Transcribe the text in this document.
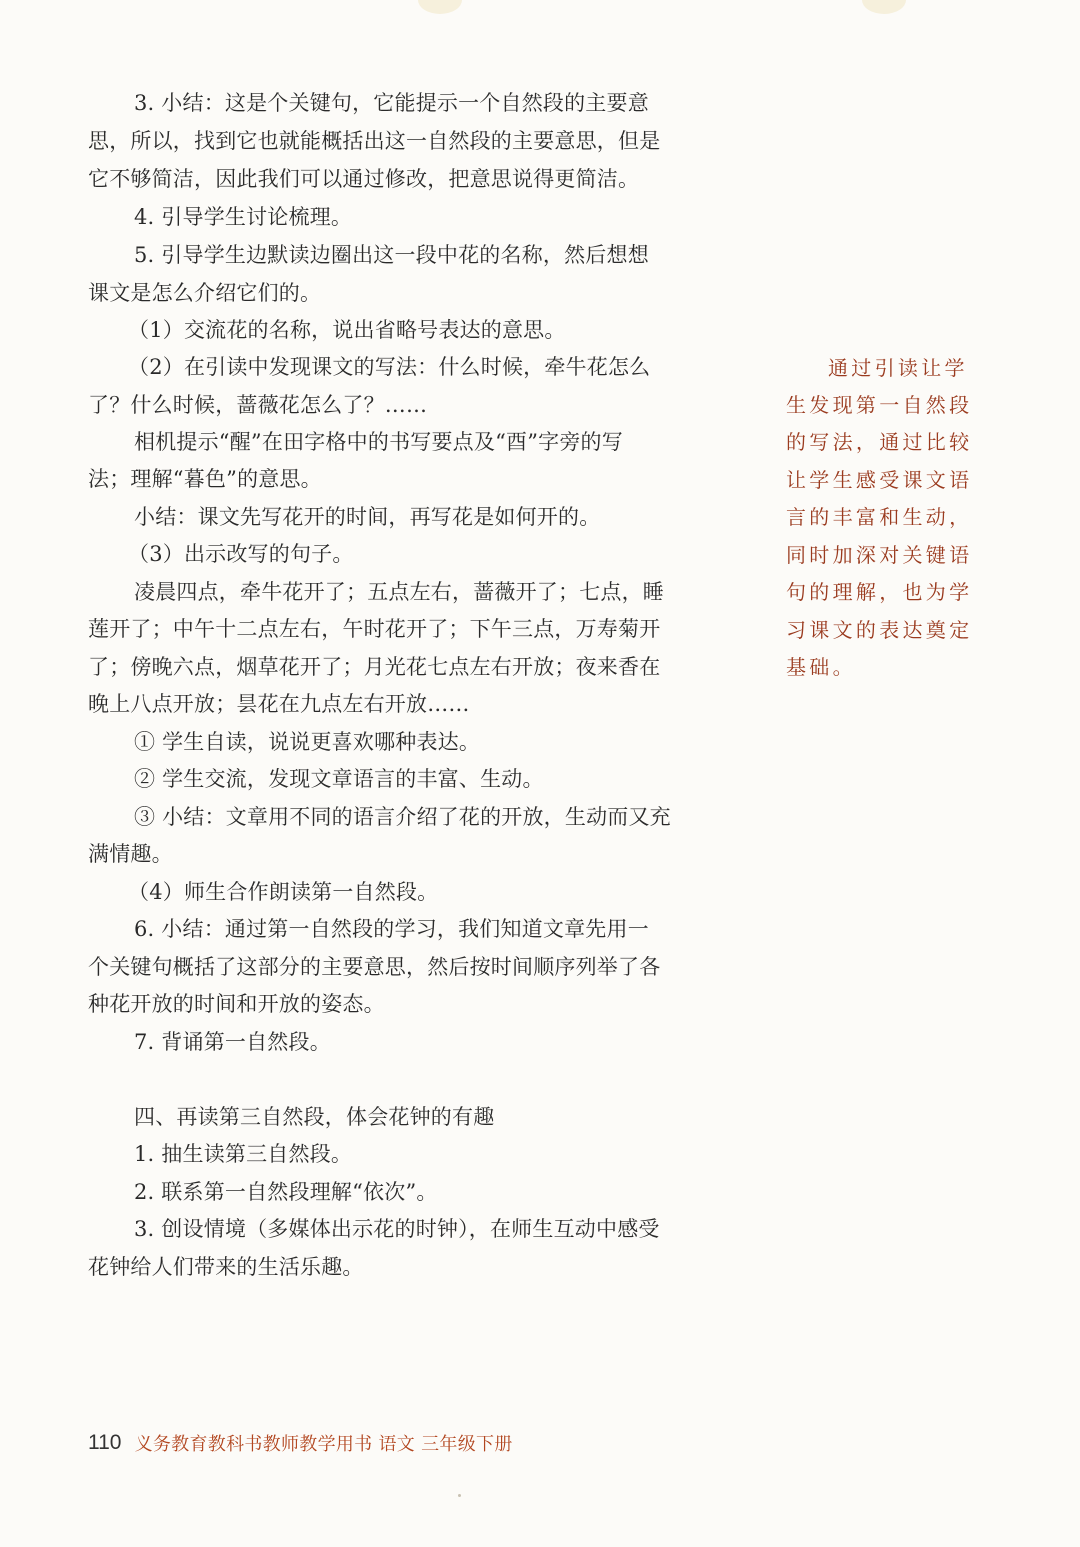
3. 小结：这是个关键句，它能提示一个自然段的主要意
思，所以，找到它也就能概括出这一自然段的主要意思，但是
它不够简洁，因此我们可以通过修改，把意思说得更简洁。
4. 引导学生讨论梳理。
5. 引导学生边默读边圈出这一段中花的名称，然后想想
课文是怎么介绍它们的。
（1）交流花的名称，说出省略号表达的意思。
（2）在引读中发现课文的写法：什么时候，牵牛花怎么
了？什么时候，蔷薇花怎么了？……
相机提示“醒”在田字格中的书写要点及“酉”字旁的写
法；理解“暮色”的意思。
小结：课文先写花开的时间，再写花是如何开的。
（3）出示改写的句子。
凌晨四点，牵牛花开了；五点左右，蔷薇开了；七点，睡
莲开了；中午十二点左右，午时花开了；下午三点，万寿菊开
了；傍晚六点，烟草花开了；月光花七点左右开放；夜来香在
晚上八点开放；昙花在九点左右开放……
① 学生自读，说说更喜欢哪种表达。
② 学生交流，发现文章语言的丰富、生动。
③ 小结：文章用不同的语言介绍了花的开放，生动而又充
满情趣。
（4）师生合作朗读第一自然段。
6. 小结：通过第一自然段的学习，我们知道文章先用一
个关键句概括了这部分的主要意思，然后按时间顺序列举了各
种花开放的时间和开放的姿态。
7. 背诵第一自然段。
四、再读第三自然段，体会花钟的有趣
1. 抽生读第三自然段。
2. 联系第一自然段理解“依次”。
3. 创设情境（多媒体出示花的时钟），在师生互动中感受
花钟给人们带来的生活乐趣。
通过引读让学
生发现第一自然段
的写法，通过比较
让学生感受课文语
言的丰富和生动，
同时加深对关键语
句的理解，也为学
习课文的表达奠定
基础。
110 义务教育教科书教师教学用书 语文 三年级下册
